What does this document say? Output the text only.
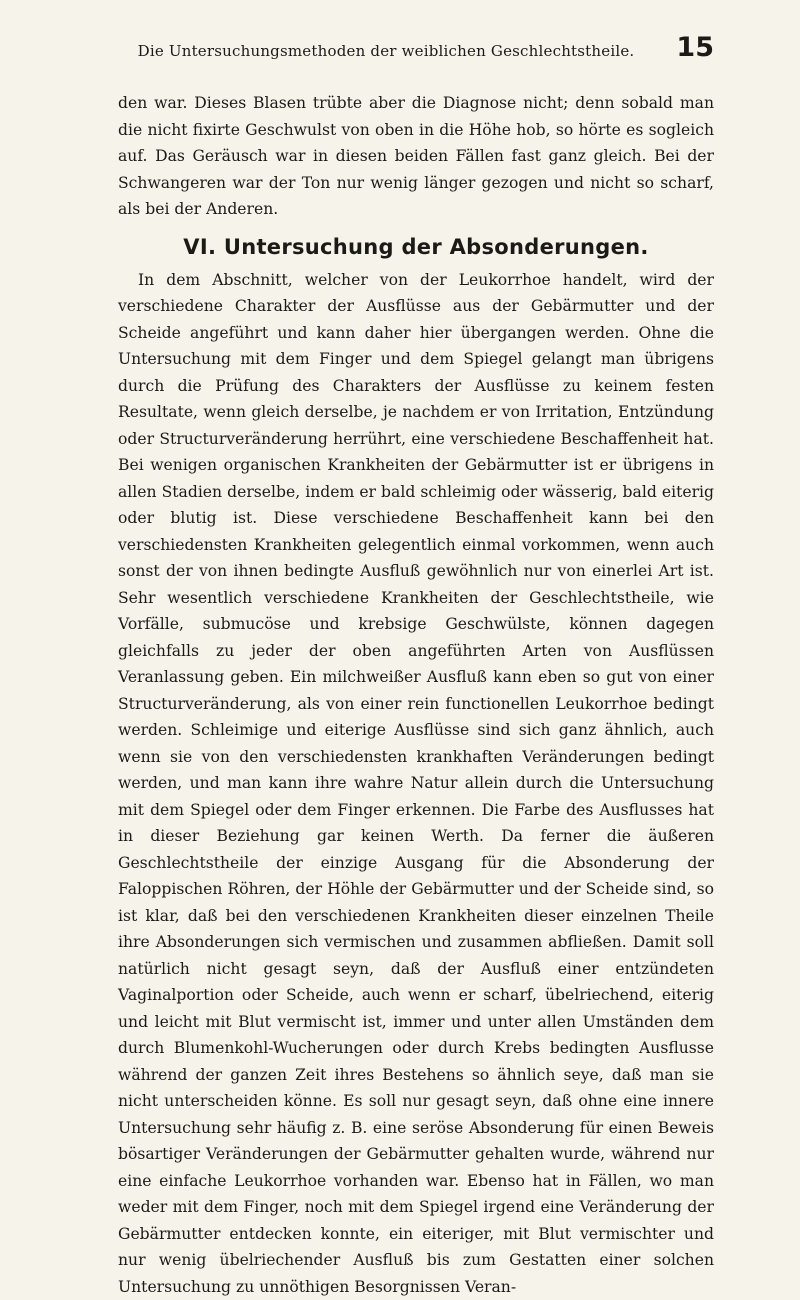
Die Untersuchungsmethoden der weiblichen Geschlechtstheile.	15

den war. Dieses Blasen trübte aber die Diagnose nicht; denn sobald man die nicht fixirte Geschwulst von oben in die Höhe hob, so hörte es sogleich auf. Das Geräusch war in diesen beiden Fällen fast ganz gleich. Bei der Schwangeren war der Ton nur wenig länger gezogen und nicht so scharf, als bei der Anderen.

VI. Untersuchung der Absonderungen.

In dem Abschnitt, welcher von der Leukorrhoe handelt, wird der verschiedene Charakter der Ausflüsse aus der Gebärmutter und der Scheide angeführt und kann daher hier übergangen werden. Ohne die Untersuchung mit dem Finger und dem Spiegel gelangt man übrigens durch die Prüfung des Charakters der Ausflüsse zu keinem festen Resultate, wenn gleich derselbe, je nachdem er von Irritation, Entzündung oder Structurveränderung herrührt, eine verschiedene Beschaffenheit hat. Bei wenigen organischen Krankheiten der Gebärmutter ist er übrigens in allen Stadien derselbe, indem er bald schleimig oder wässerig, bald eiterig oder blutig ist. Diese verschiedene Beschaffenheit kann bei den verschiedensten Krankheiten gelegentlich einmal vorkommen, wenn auch sonst der von ihnen bedingte Ausfluß gewöhnlich nur von einerlei Art ist. Sehr wesentlich verschiedene Krankheiten der Geschlechtstheile, wie Vorfälle, submucöse und krebsige Geschwülste, können dagegen gleichfalls zu jeder der oben angeführten Arten von Ausflüssen Veranlassung geben. Ein milchweißer Ausfluß kann eben so gut von einer Structurveränderung, als von einer rein functionellen Leukorrhoe bedingt werden. Schleimige und eiterige Ausflüsse sind sich ganz ähnlich, auch wenn sie von den verschiedensten krankhaften Veränderungen bedingt werden, und man kann ihre wahre Natur allein durch die Untersuchung mit dem Spiegel oder dem Finger erkennen. Die Farbe des Ausflusses hat in dieser Beziehung gar keinen Werth. Da ferner die äußeren Geschlechtstheile der einzige Ausgang für die Absonderung der Faloppischen Röhren, der Höhle der Gebärmutter und der Scheide sind, so ist klar, daß bei den verschiedenen Krankheiten dieser einzelnen Theile ihre Absonderungen sich vermischen und zusammen abfließen. Damit soll natürlich nicht gesagt seyn, daß der Ausfluß einer entzündeten Vaginalportion oder Scheide, auch wenn er scharf, übelriechend, eiterig und leicht mit Blut vermischt ist, immer und unter allen Umständen dem durch Blumenkohl-Wucherungen oder durch Krebs bedingten Ausflusse während der ganzen Zeit ihres Bestehens so ähnlich seye, daß man sie nicht unterscheiden könne. Es soll nur gesagt seyn, daß ohne eine innere Untersuchung sehr häufig z. B. eine seröse Absonderung für einen Beweis bösartiger Veränderungen der Gebärmutter gehalten wurde, während nur eine einfache Leukorrhoe vorhanden war. Ebenso hat in Fällen, wo man weder mit dem Finger, noch mit dem Spiegel irgend eine Veränderung der Gebärmutter entdecken konnte, ein eiteriger, mit Blut vermischter und nur wenig übelriechender Ausfluß bis zum Gestatten einer solchen Untersuchung zu unnöthigen Besorgnissen Veran-
